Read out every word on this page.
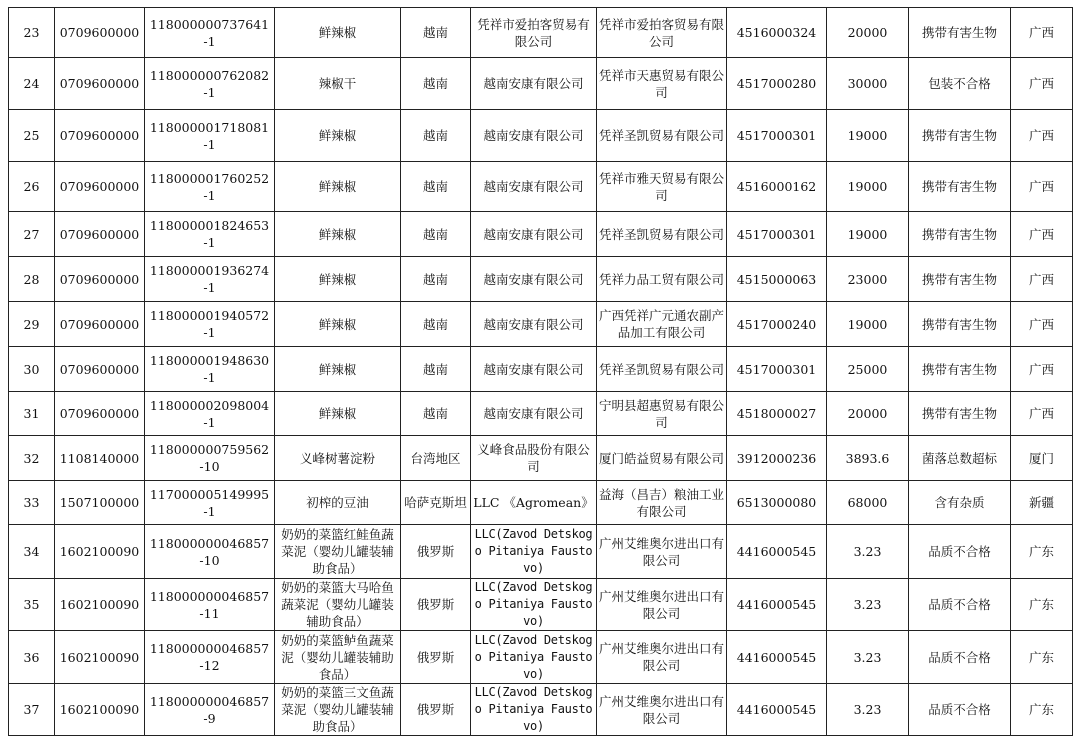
23	0709600000	118000000737641-1	鲜辣椒	越南	凭祥市爱拍客贸易有限公司	凭祥市爱拍客贸易有限公司	4516000324	20000	携带有害生物	广西
24	0709600000	118000000762082-1	辣椒干	越南	越南安康有限公司	凭祥市天惠贸易有限公司	4517000280	30000	包装不合格	广西
25	0709600000	118000001718081-1	鲜辣椒	越南	越南安康有限公司	凭祥圣凯贸易有限公司	4517000301	19000	携带有害生物	广西
26	0709600000	118000001760252-1	鲜辣椒	越南	越南安康有限公司	凭祥市雅天贸易有限公司	4516000162	19000	携带有害生物	广西
27	0709600000	118000001824653-1	鲜辣椒	越南	越南安康有限公司	凭祥圣凯贸易有限公司	4517000301	19000	携带有害生物	广西
28	0709600000	118000001936274-1	鲜辣椒	越南	越南安康有限公司	凭祥力品工贸有限公司	4515000063	23000	携带有害生物	广西
29	0709600000	118000001940572-1	鲜辣椒	越南	越南安康有限公司	广西凭祥广元通农副产品加工有限公司	4517000240	19000	携带有害生物	广西
30	0709600000	118000001948630-1	鲜辣椒	越南	越南安康有限公司	凭祥圣凯贸易有限公司	4517000301	25000	携带有害生物	广西
31	0709600000	118000002098004-1	鲜辣椒	越南	越南安康有限公司	宁明县超惠贸易有限公司	4518000027	20000	携带有害生物	广西
32	1108140000	118000000759562-10	义峰树薯淀粉	台湾地区	义峰食品股份有限公司	厦门皓益贸易有限公司	3912000236	3893.6	菌落总数超标	厦门
33	1507100000	117000005149995-1	初榨的豆油	哈萨克斯坦	LLC 《Agromean》	益海（昌吉）粮油工业有限公司	6513000080	68000	含有杂质	新疆
34	1602100090	118000000046857-10	奶奶的菜篮红鲑鱼蔬菜泥（婴幼儿罐装辅助食品）	俄罗斯	LLC(Zavod Detskogo Pitaniya Faustovo)	广州艾维奥尔进出口有限公司	4416000545	3.23	品质不合格	广东
35	1602100090	118000000046857-11	奶奶的菜篮大马哈鱼蔬菜泥（婴幼儿罐装辅助食品）	俄罗斯	LLC(Zavod Detskogo Pitaniya Faustovo)	广州艾维奥尔进出口有限公司	4416000545	3.23	品质不合格	广东
36	1602100090	118000000046857-12	奶奶的菜篮鲈鱼蔬菜泥（婴幼儿罐装辅助食品）	俄罗斯	LLC(Zavod Detskogo Pitaniya Faustovo)	广州艾维奥尔进出口有限公司	4416000545	3.23	品质不合格	广东
37	1602100090	118000000046857-9	奶奶的菜篮三文鱼蔬菜泥（婴幼儿罐装辅助食品）	俄罗斯	LLC(Zavod Detskogo Pitaniya Faustovo)	广州艾维奥尔进出口有限公司	4416000545	3.23	品质不合格	广东
